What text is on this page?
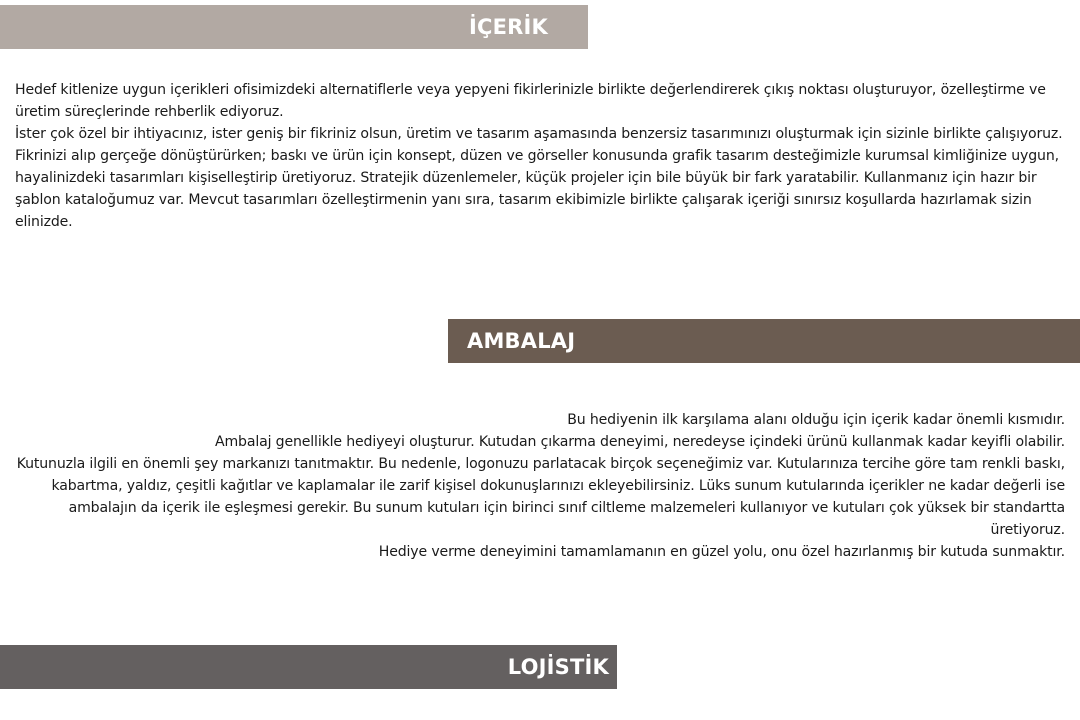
İÇERİK

Hedef kitlenize uygun içerikleri ofisimizdeki alternatiflerle veya yepyeni fikirlerinizle birlikte değerlendirerek çıkış noktası oluşturuyor, özelleştirme ve üretim süreçlerinde rehberlik ediyoruz.

İster çok özel bir ihtiyacınız, ister geniş bir fikriniz olsun, üretim ve tasarım aşamasında benzersiz tasarımınızı oluşturmak için sizinle birlikte çalışıyoruz.

Fikrinizi alıp gerçeğe dönüştürürken; baskı ve ürün için konsept, düzen ve görseller konusunda grafik tasarım desteğimizle kurumsal kimliğinize uygun, hayalinizdeki tasarımları kişiselleştirip üretiyoruz. Stratejik düzenlemeler, küçük projeler için bile büyük bir fark yaratabilir. Kullanmanız için hazır bir şablon kataloğumuz var. Mevcut tasarımları özelleştirmenin yanı sıra, tasarım ekibimizle birlikte çalışarak içeriği sınırsız koşullarda hazırlamak sizin elinizde.

AMBALAJ

Bu hediyenin ilk karşılama alanı olduğu için içerik kadar önemli kısmıdır.

Ambalaj genellikle hediyeyi oluşturur. Kutudan çıkarma deneyimi, neredeyse içindeki ürünü kullanmak kadar keyifli olabilir.

Kutunuzla ilgili en önemli şey markanızı tanıtmaktır. Bu nedenle, logonuzu parlatacak birçok seçeneğimiz var. Kutularınıza tercihe göre tam renkli baskı, kabartma, yaldız, çeşitli kağıtlar ve kaplamalar ile zarif kişisel dokunuşlarınızı ekleyebilirsiniz. Lüks sunum kutularında içerikler ne kadar değerli ise ambalajın da içerik ile eşleşmesi gerekir. Bu sunum kutuları için birinci sınıf ciltleme malzemeleri kullanıyor ve kutuları çok yüksek bir standartta üretiyoruz.

Hediye verme deneyimini tamamlamanın en güzel yolu, onu özel hazırlanmış bir kutuda sunmaktır.

LOJİSTİK
